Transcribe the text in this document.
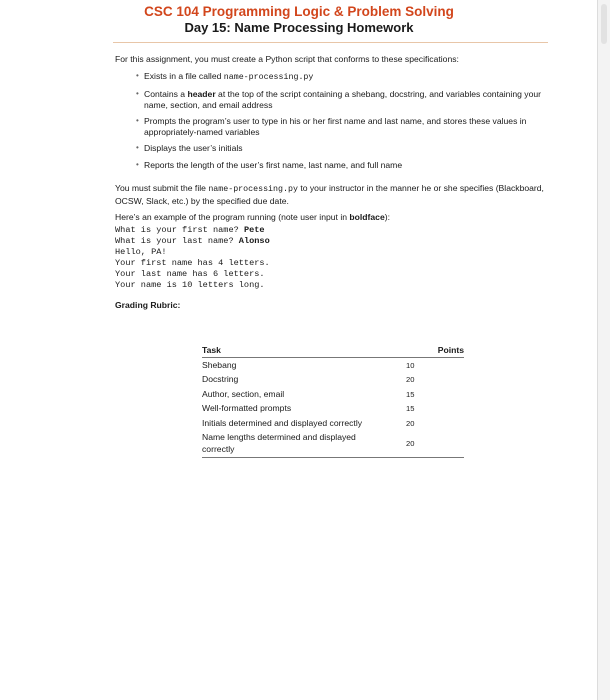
CSC 104 Programming Logic & Problem Solving
Day 15: Name Processing Homework

For this assignment, you must create a Python script that conforms to these specifications:

• Exists in a file called name-processing.py
• Contains a header at the top of the script containing a shebang, docstring, and variables containing your name, section, and email address
• Prompts the program’s user to type in his or her first name and last name, and stores these values in appropriately-named variables
• Displays the user’s initials
• Reports the length of the user’s first name, last name, and full name

You must submit the file name-processing.py to your instructor in the manner he or she specifies (Blackboard, OCSW, Slack, etc.) by the specified due date.

Here’s an example of the program running (note user input in boldface):

What is your first name? Pete
What is your last name? Alonso
Hello, PA!
Your first name has 4 letters.
Your last name has 6 letters.
Your name is 10 letters long.

Grading Rubric:

Task	Points
Shebang	10
Docstring	20
Author, section, email	15
Well-formatted prompts	15
Initials determined and displayed correctly	20
Name lengths determined and displayed correctly	20
